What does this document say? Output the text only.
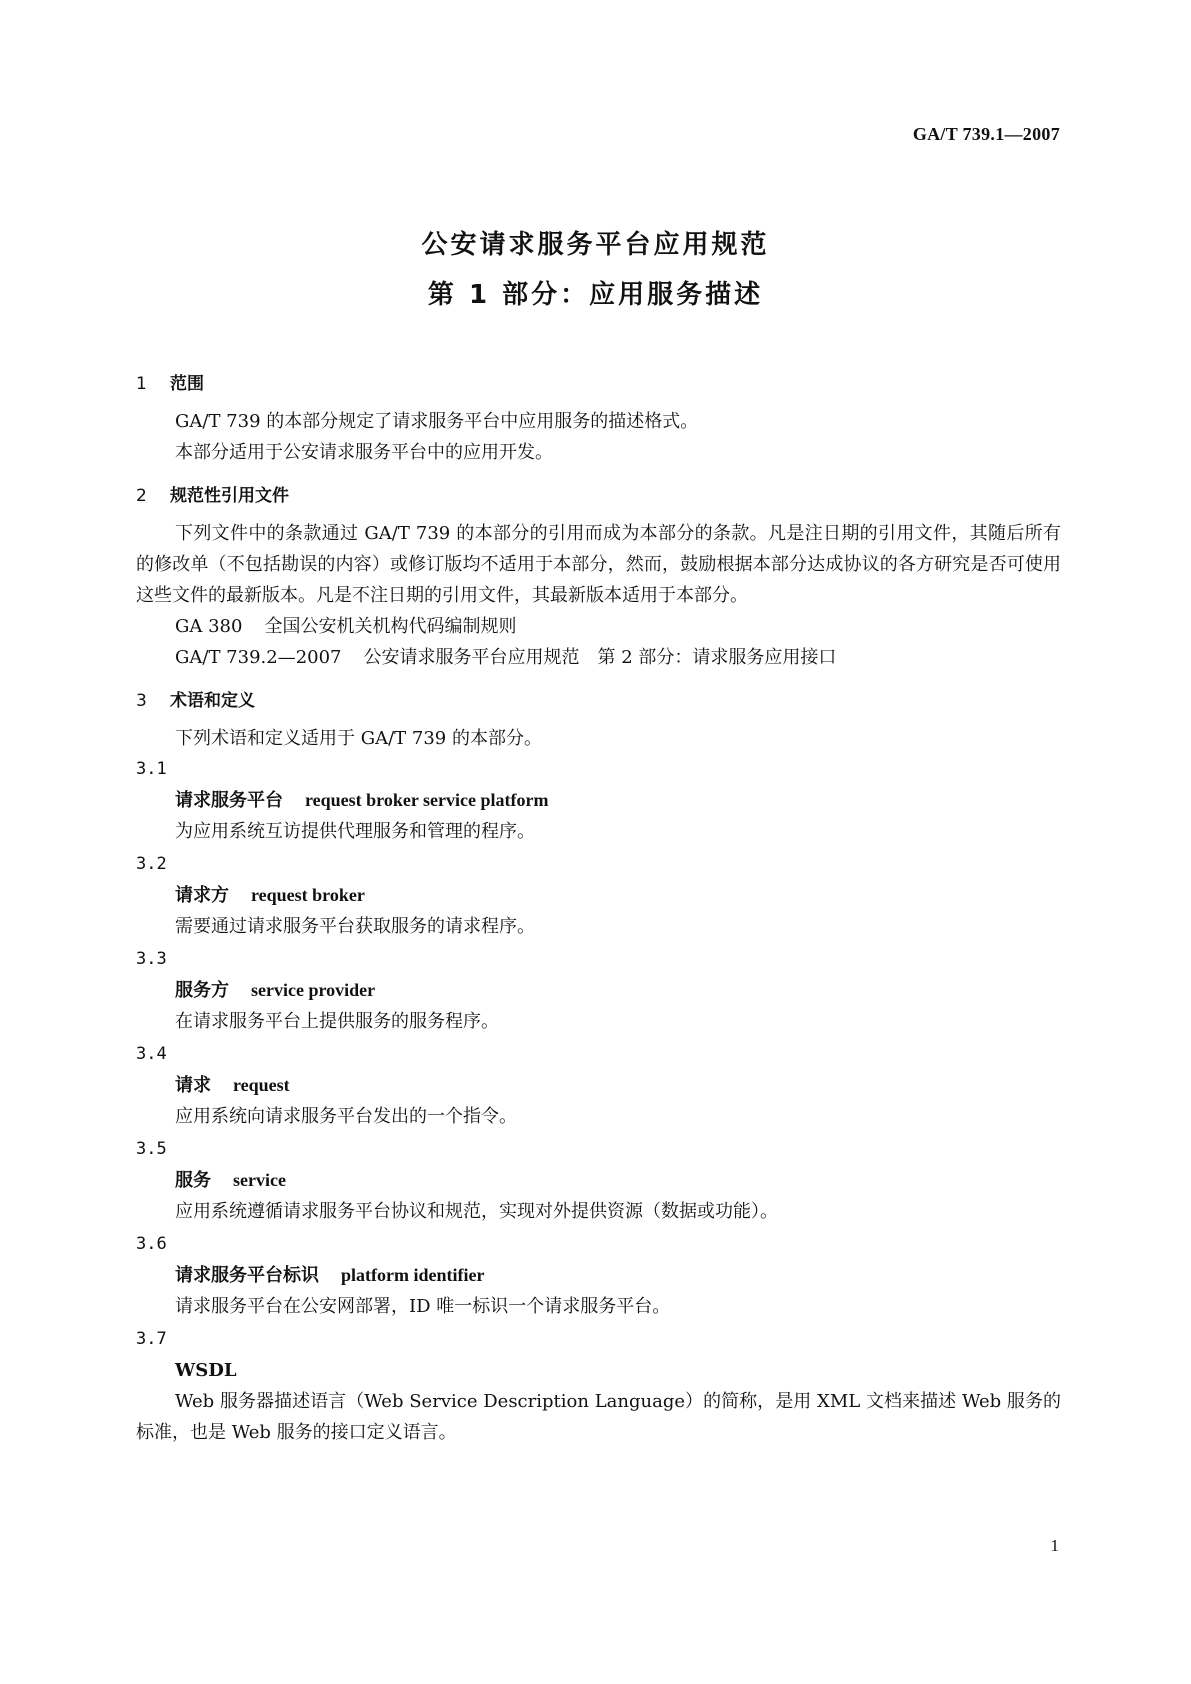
GA/T 739.1—2007

公安请求服务平台应用规范

第 1 部分：应用服务描述

1 范围

GA/T 739 的本部分规定了请求服务平台中应用服务的描述格式。

本部分适用于公安请求服务平台中的应用开发。

2 规范性引用文件

下列文件中的条款通过 GA/T 739 的本部分的引用而成为本部分的条款。凡是注日期的引用文件，其随后所有的修改单（不包括勘误的内容）或修订版均不适用于本部分，然而，鼓励根据本部分达成协议的各方研究是否可使用这些文件的最新版本。凡是不注日期的引用文件，其最新版本适用于本部分。

GA 380 全国公安机关机构代码编制规则

GA/T 739.2—2007 公安请求服务平台应用规范　第 2 部分：请求服务应用接口

3 术语和定义

下列术语和定义适用于 GA/T 739 的本部分。

3.1

请求服务平台 request broker service platform

为应用系统互访提供代理服务和管理的程序。

3.2

请求方 request broker

需要通过请求服务平台获取服务的请求程序。

3.3

服务方 service provider

在请求服务平台上提供服务的服务程序。

3.4

请求 request

应用系统向请求服务平台发出的一个指令。

3.5

服务 service

应用系统遵循请求服务平台协议和规范，实现对外提供资源（数据或功能）。

3.6

请求服务平台标识 platform identifier

请求服务平台在公安网部署，ID 唯一标识一个请求服务平台。

3.7

WSDL

Web 服务器描述语言（Web Service Description Language）的简称，是用 XML 文档来描述 Web 服务的标准，也是 Web 服务的接口定义语言。

1
